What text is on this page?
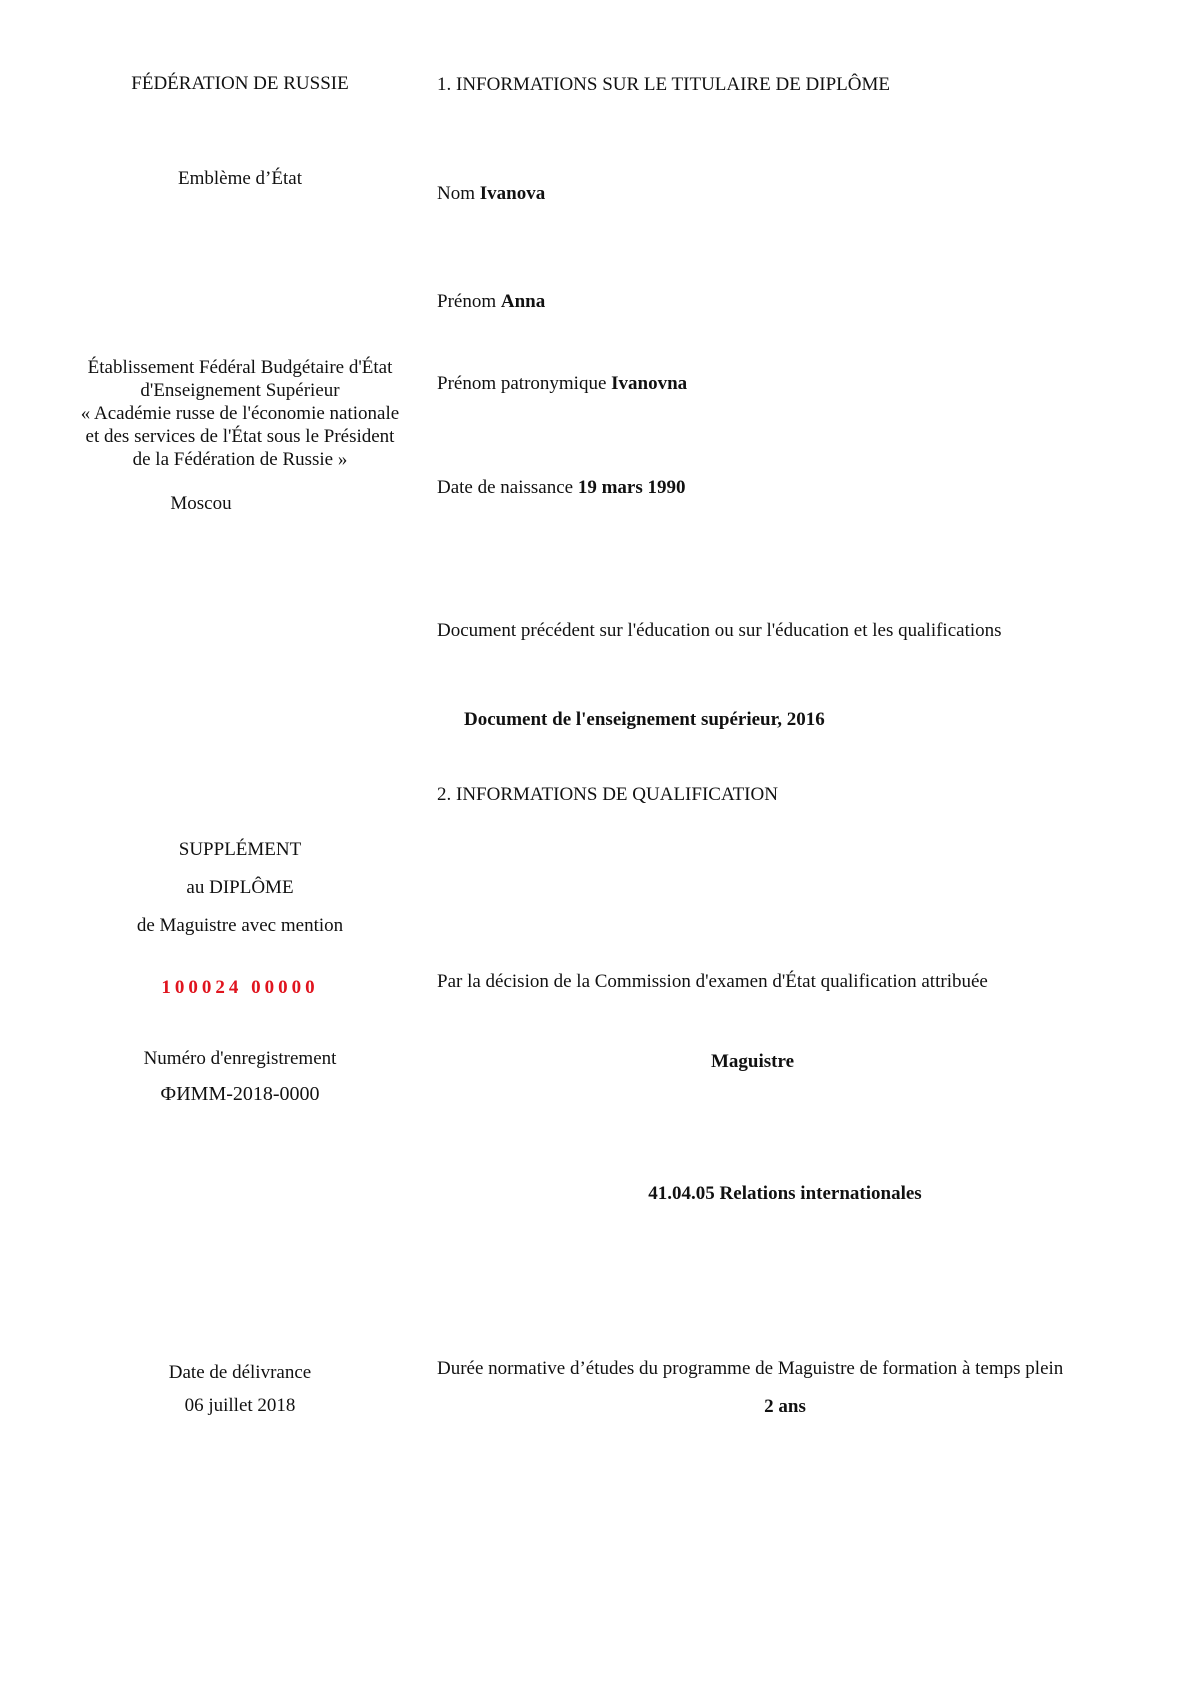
FÉDÉRATION DE RUSSIE
Emblème d’État
Établissement Fédéral Budgétaire d'État
d'Enseignement Supérieur
« Académie russe de l'économie nationale
et des services de l'État sous le Président
de la Fédération de Russie »
Moscou
SUPPLÉMENT
au DIPLÔME
de Maguistre avec mention
100024 00000
Numéro d'enregistrement
ФИММ-2018-0000
Date de délivrance
06 juillet 2018
1. INFORMATIONS SUR LE TITULAIRE DE DIPLÔME
Nom Ivanova
Prénom Anna
Prénom patronymique Ivanovna
Date de naissance 19 mars 1990
Document précédent sur l'éducation ou sur l'éducation et les qualifications
Document de l'enseignement supérieur, 2016
2. INFORMATIONS DE QUALIFICATION
Par la décision de la Commission d'examen d'État qualification attribuée
Maguistre
41.04.05 Relations internationales
Durée normative d’études du programme de Maguistre de formation à temps plein
2 ans
